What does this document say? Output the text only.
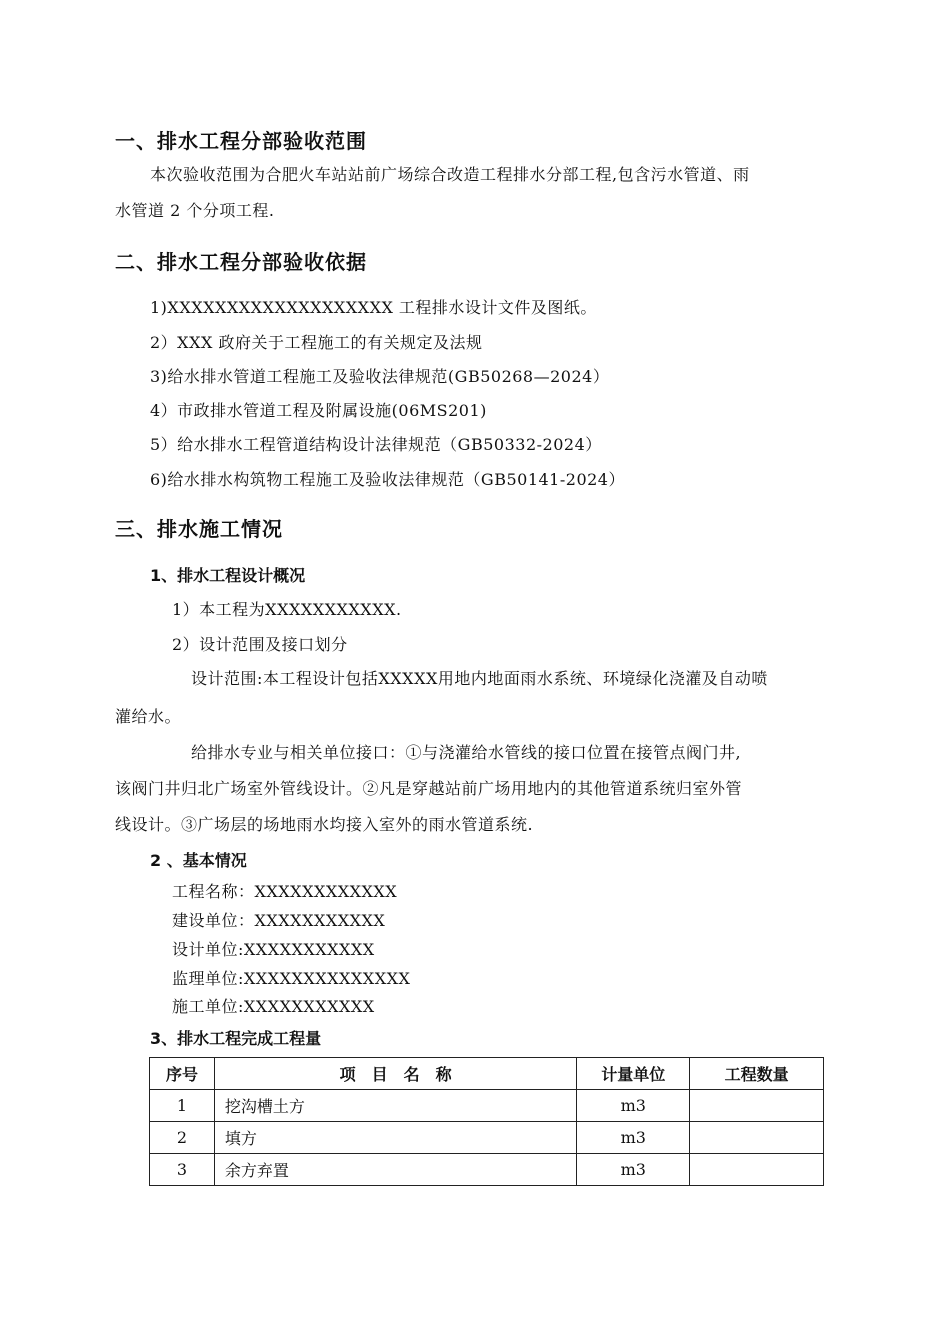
一、排水工程分部验收范围
本次验收范围为合肥火车站站前广场综合改造工程排水分部工程,包含污水管道、雨
水管道 2 个分项工程.
二、排水工程分部验收依据
1)XXXXXXXXXXXXXXXXXXX 工程排水设计文件及图纸。
2）XXX 政府关于工程施工的有关规定及法规
3)给水排水管道工程施工及验收法律规范(GB50268—2024）
4）市政排水管道工程及附属设施(06MS201)
5）给水排水工程管道结构设计法律规范（GB50332-2024）
6)给水排水构筑物工程施工及验收法律规范（GB50141-2024）
三、排水施工情况
1、排水工程设计概况
1）本工程为XXXXXXXXXXX.
2）设计范围及接口划分
设计范围:本工程设计包括XXXXX用地内地面雨水系统、环境绿化浇灌及自动喷
灌给水。
给排水专业与相关单位接口：①与浇灌给水管线的接口位置在接管点阀门井,
该阀门井归北广场室外管线设计。②凡是穿越站前广场用地内的其他管道系统归室外管
线设计。③广场层的场地雨水均接入室外的雨水管道系统.
2 、基本情况
工程名称：XXXXXXXXXXXX
建设单位：XXXXXXXXXXX
设计单位:XXXXXXXXXXX
监理单位:XXXXXXXXXXXXXX
施工单位:XXXXXXXXXXX
3、排水工程完成工程量
序号	项　目　名　称	计量单位	工程数量
1	挖沟槽土方	m3	
2	填方	m3	
3	余方弃置	m3	
